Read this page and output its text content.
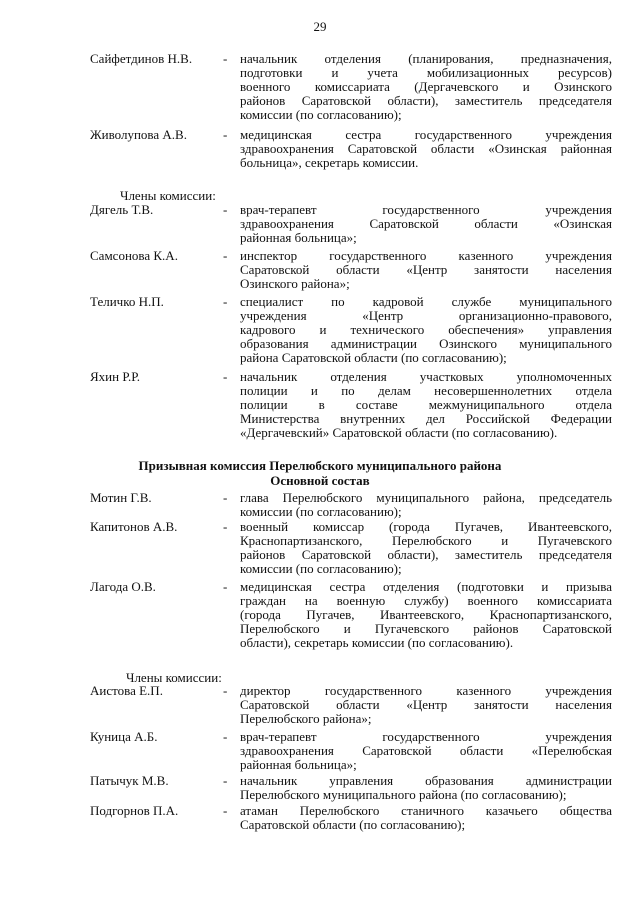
29
Сайфетдинов Н.В. - начальник отделения (планирования, предназначения,
подготовки и учета мобилизационных ресурсов)
военного комиссариата (Дергачевского и Озинского
районов Саратовской области), заместитель председателя
комиссии (по согласованию);
Живолупова А.В.	- медицинская сестра государственного учреждения
здравоохранения Саратовской области «Озинская районная
больница», секретарь комиссии.
Члены комиссии:
Дягель Т.В.	- врач-терапевт государственного учреждения
здравоохранения Саратовской области «Озинская
районная больница»;
Самсонова К.А.	- инспектор государственного казенного учреждения
Саратовской области «Центр занятости населения
Озинского района»;
Теличко Н.П.	- специалист по кадровой службе муниципального
учреждения «Центр организационно-правового,
кадрового и технического обеспечения» управления
образования администрации Озинского муниципального
района Саратовской области (по согласованию);
Яхин Р.Р.	- начальник отделения участковых уполномоченных
полиции и по делам несовершеннолетних отдела
полиции в составе межмуниципального отдела
Министерства внутренних дел Российской Федерации
«Дергачевский» Саратовской области (по согласованию).
Призывная комиссия Перелюбского муниципального района
Основной состав
Мотин Г.В.	- глава Перелюбского муниципального района, председатель
комиссии (по согласованию);
Капитонов А.В.	- военный комиссар (города Пугачев, Ивантеевского,
Краснопартизанского, Перелюбского и Пугачевского
районов Саратовской области), заместитель председателя
комиссии (по согласованию);
Лагода О.В.	- медицинская сестра отделения (подготовки и призыва
граждан на военную службу) военного комиссариата
(города Пугачев, Ивантеевского, Краснопартизанского,
Перелюбского и Пугачевского районов Саратовской
области), секретарь комиссии (по согласованию).
Члены комиссии:
Аистова Е.П.	- директор государственного казенного учреждения
Саратовской области «Центр занятости населения
Перелюбского района»;
Куница А.Б.	- врач-терапевт государственного учреждения
здравоохранения Саратовской области «Перелюбская
районная больница»;
Патычук М.В.	- начальник управления образования администрации
Перелюбского муниципального района (по согласованию);
Подгорнов П.А.	- атаман Перелюбского станичного казачьего общества
Саратовской области (по согласованию);
